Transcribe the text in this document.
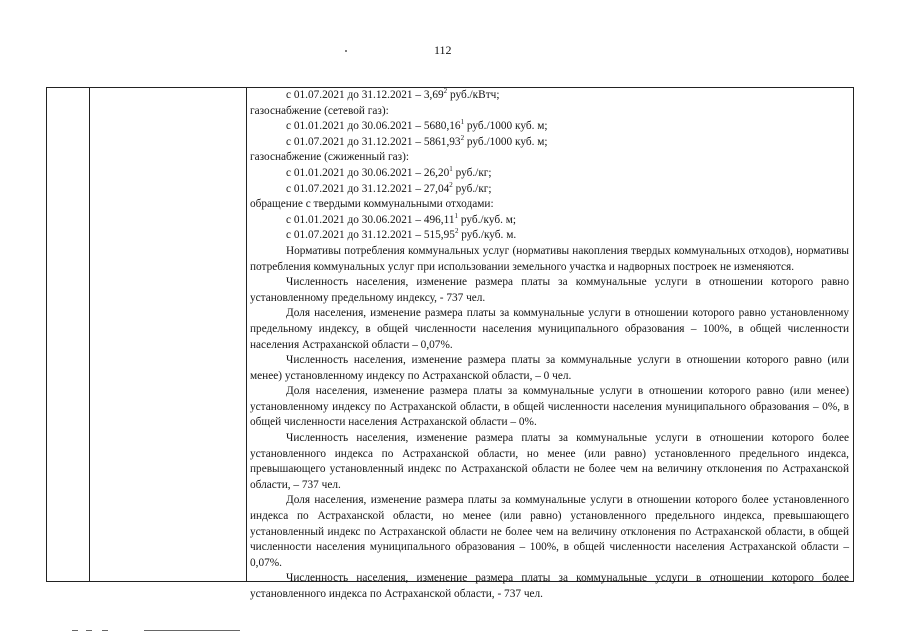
112

с 01.07.2021 до 31.12.2021 – 3,69$^2$ руб./кВтч;

газоснабжение (сетевой газ):

с 01.01.2021 до 30.06.2021 – 5680,16$^1$ руб./1000 куб. м;

с 01.07.2021 до 31.12.2021 – 5861,93$^2$ руб./1000 куб. м;

газоснабжение (сжиженный газ):

с 01.01.2021 до 30.06.2021 – 26,20$^1$ руб./кг;

с 01.07.2021 до 31.12.2021 – 27,04$^2$ руб./кг;

обращение с твердыми коммунальными отходами:

с 01.01.2021 до 30.06.2021 – 496,11$^1$ руб./куб. м;

с 01.07.2021 до 31.12.2021 – 515,95$^2$ руб./куб. м.

Нормативы потребления коммунальных услуг (нормативы накопления твердых коммунальных отходов), нормативы потребления коммунальных услуг при использовании земельного участка и надворных построек не изменяются.

Численность населения, изменение размера платы за коммунальные услуги в отношении которого равно установленному предельному индексу, - 737 чел.

Доля населения, изменение размера платы за коммунальные услуги в отношении которого равно установленному предельному индексу, в общей численности населения муниципального образования – 100%, в общей численности населения Астраханской области – 0,07%.

Численность населения, изменение размера платы за коммунальные услуги в отношении которого равно (или менее) установленному индексу по Астраханской области, – 0 чел.

Доля населения, изменение размера платы за коммунальные услуги в отношении которого равно (или менее) установленному индексу по Астраханской области, в общей численности населения муниципального образования – 0%, в общей численности населения Астраханской области – 0%.

Численность населения, изменение размера платы за коммунальные услуги в отношении которого более установленного индекса по Астраханской области, но менее (или равно) установленного предельного индекса, превышающего установленный индекс по Астраханской области не более чем на величину отклонения по Астраханской области, – 737 чел.

Доля населения, изменение размера платы за коммунальные услуги в отношении которого более установленного индекса по Астраханской области, но менее (или равно) установленного предельного индекса, превышающего установленный индекс по Астраханской области не более чем на величину отклонения по Астраханской области, в общей численности населения муниципального образования – 100%, в общей численности населения Астраханской области – 0,07%.

Численность населения, изменение размера платы за коммунальные услуги в отношении которого более установленного индекса по Астраханской области, - 737 чел.
